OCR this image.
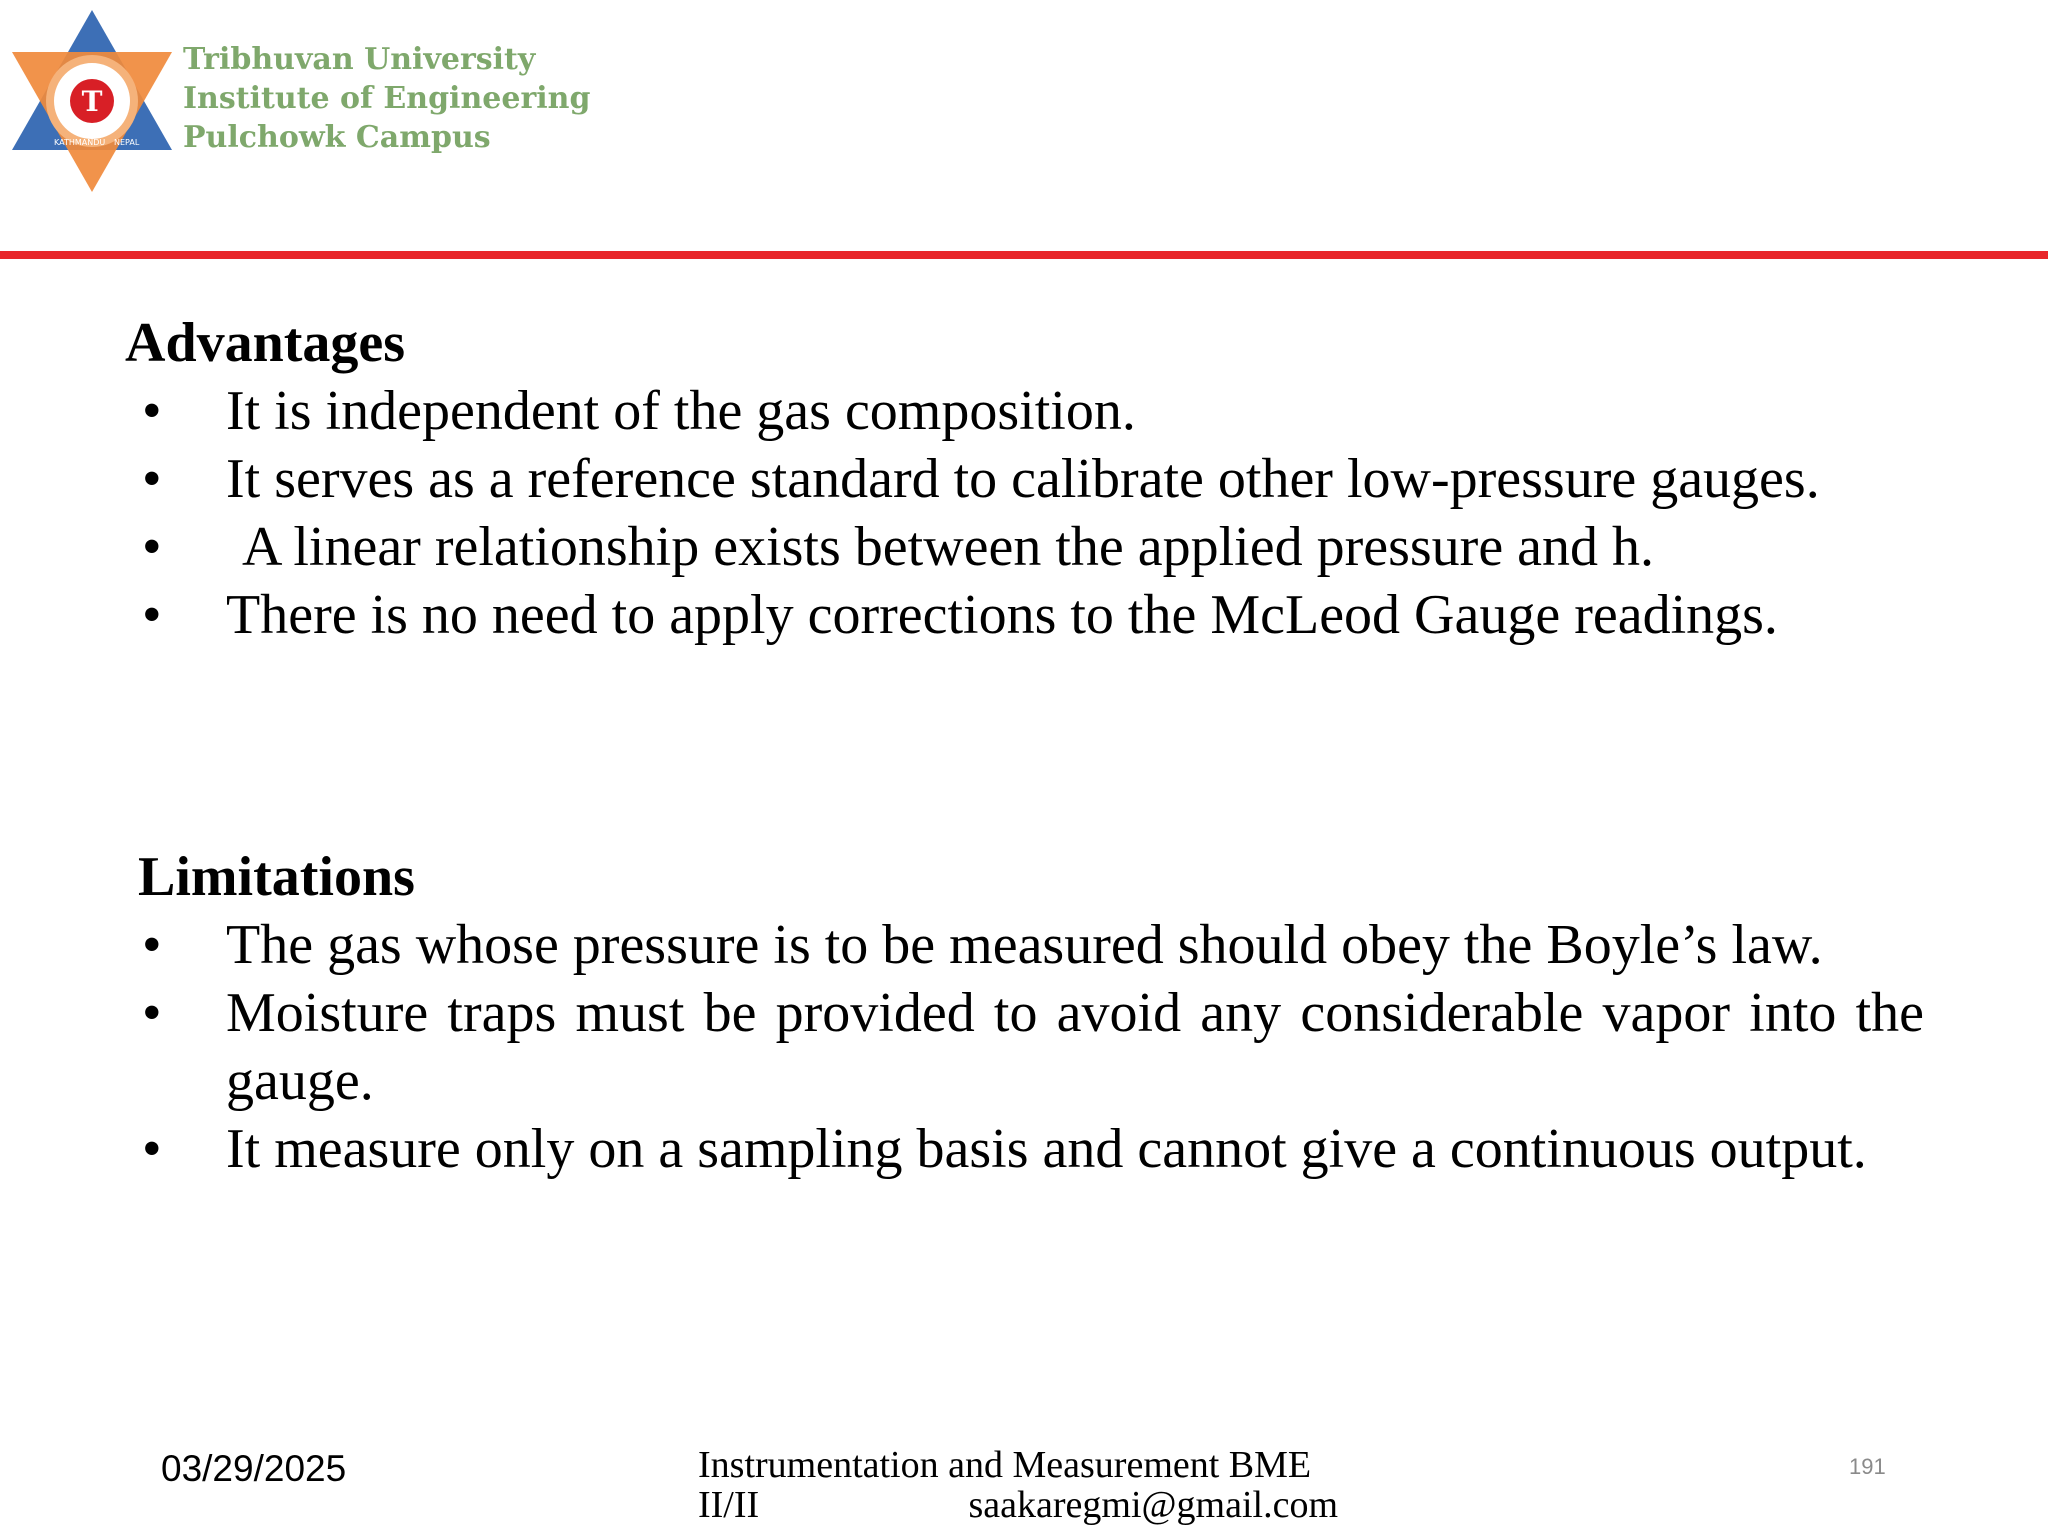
T
KATHMANDU NEPAL
Tribhuvan University
Institute of Engineering
Pulchowk Campus
Advantages
•	It is independent of the gas composition.
•	It serves as a reference standard to calibrate other low-pressure gauges.
•	A linear relationship exists between the applied pressure and h.
•	There is no need to apply corrections to the McLeod Gauge readings.
Limitations
•	The gas whose pressure is to be measured should obey the Boyle’s law.
•	Moisture traps must be provided to avoid any considerable vapor into the gauge.
•	It measure only on a sampling basis and cannot give a continuous output.
03/29/2025	Instrumentation and Measurement BME
II/II	saakaregmi@gmail.com
191
